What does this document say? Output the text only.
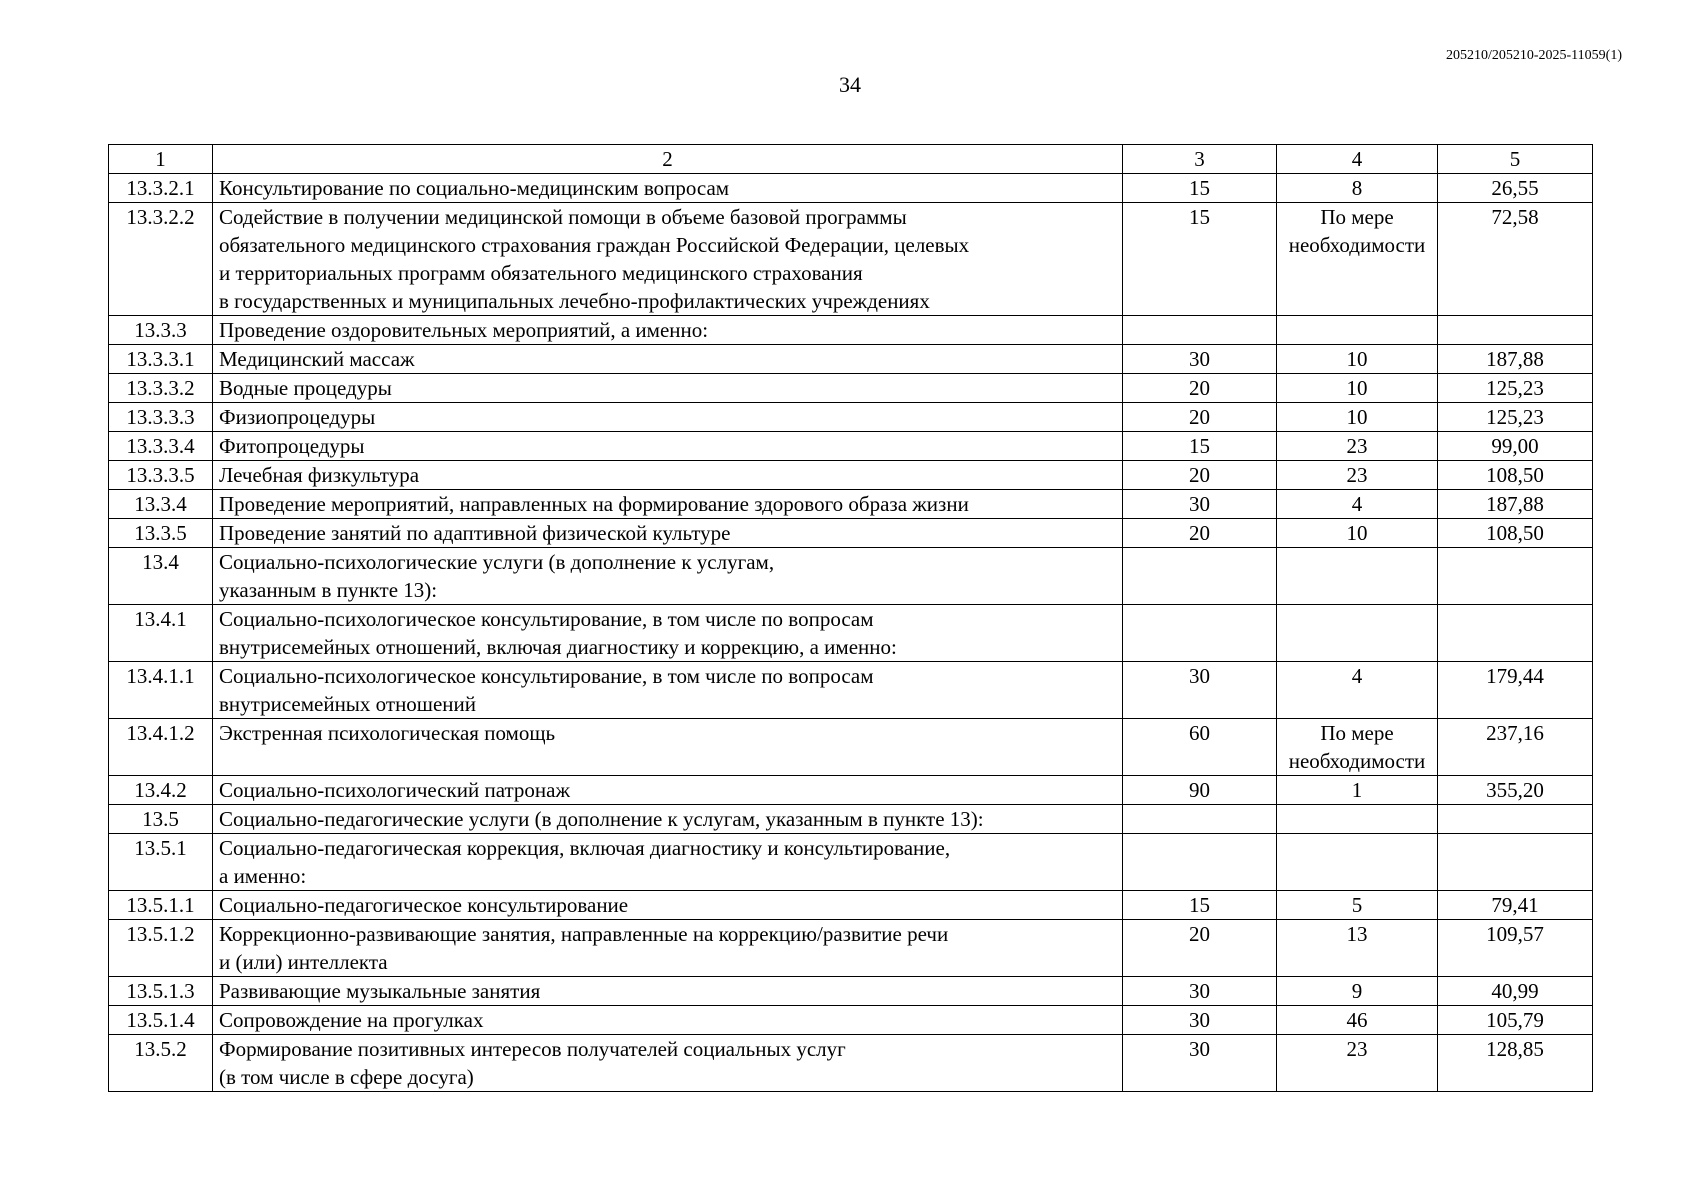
205210/205210-2025-11059(1)
34
1	2	3	4	5
13.3.2.1	Консультирование по социально-медицинским вопросам	15	8	26,55
13.3.2.2	Содействие в получении медицинской помощи в объеме базовой программы
обязательного медицинского страхования граждан Российской Федерации, целевых
и территориальных программ обязательного медицинского страхования
в государственных и муниципальных лечебно-профилактических учреждениях	15	По мере необходимости	72,58
13.3.3	Проведение оздоровительных мероприятий, а именно:			
13.3.3.1	Медицинский массаж	30	10	187,88
13.3.3.2	Водные процедуры	20	10	125,23
13.3.3.3	Физиопроцедуры	20	10	125,23
13.3.3.4	Фитопроцедуры	15	23	99,00
13.3.3.5	Лечебная физкультура	20	23	108,50
13.3.4	Проведение мероприятий, направленных на формирование здорового образа жизни	30	4	187,88
13.3.5	Проведение занятий по адаптивной физической культуре	20	10	108,50
13.4	Социально-психологические услуги (в дополнение к услугам,
указанным в пункте 13):			
13.4.1	Социально-психологическое консультирование, в том числе по вопросам
внутрисемейных отношений, включая диагностику и коррекцию, а именно:			
13.4.1.1	Социально-психологическое консультирование, в том числе по вопросам
внутрисемейных отношений	30	4	179,44
13.4.1.2	Экстренная психологическая помощь	60	По мере необходимости	237,16
13.4.2	Социально-психологический патронаж	90	1	355,20
13.5	Социально-педагогические услуги (в дополнение к услугам, указанным в пункте 13):			
13.5.1	Социально-педагогическая коррекция, включая диагностику и консультирование,
а именно:			
13.5.1.1	Социально-педагогическое консультирование	15	5	79,41
13.5.1.2	Коррекционно-развивающие занятия, направленные на коррекцию/развитие речи
и (или) интеллекта	20	13	109,57
13.5.1.3	Развивающие музыкальные занятия	30	9	40,99
13.5.1.4	Сопровождение на прогулках	30	46	105,79
13.5.2	Формирование позитивных интересов получателей социальных услуг
(в том числе в сфере досуга)	30	23	128,85
